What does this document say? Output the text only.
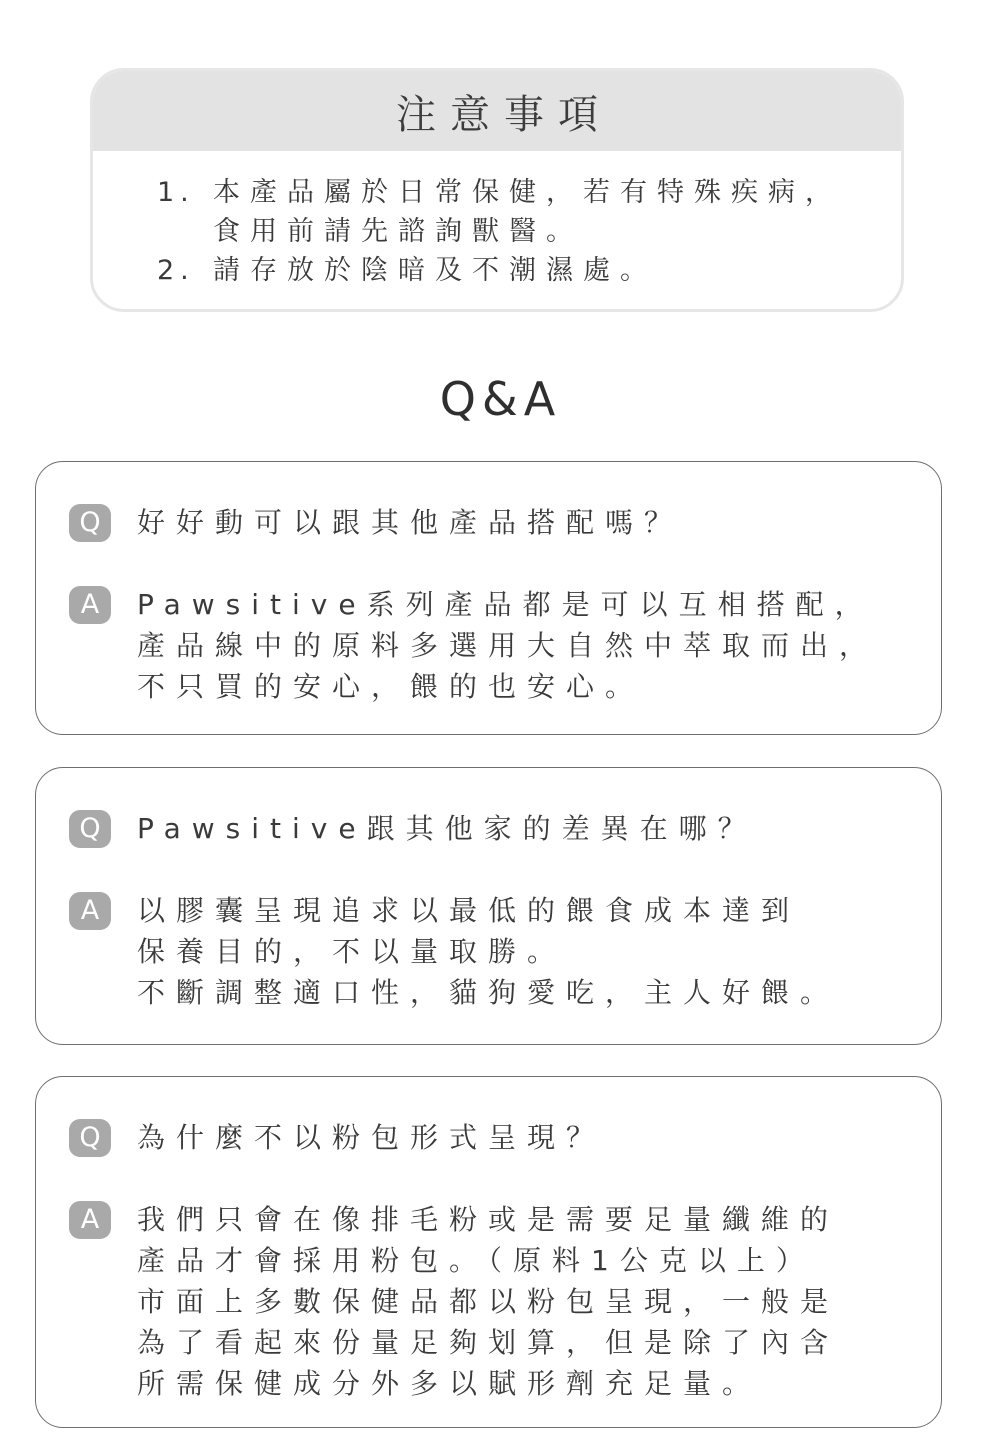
注意事項
1. 本產品屬於日常保健，若有特殊疾病，
食用前請先諮詢獸醫。
2. 請存放於陰暗及不潮濕處。
Q&A
Q	好好動可以跟其他產品搭配嗎？
A	Pawsitive系列產品都是可以互相搭配，
產品線中的原料多選用大自然中萃取而出，
不只買的安心，餵的也安心。
Q	Pawsitive跟其他家的差異在哪？
A	以膠囊呈現追求以最低的餵食成本達到
保養目的，不以量取勝。
不斷調整適口性，貓狗愛吃，主人好餵。
Q	為什麼不以粉包形式呈現？
A	我們只會在像排毛粉或是需要足量纖維的
產品才會採用粉包。（原料1公克以上）
市面上多數保健品都以粉包呈現，一般是
為了看起來份量足夠划算，但是除了內含
所需保健成分外多以賦形劑充足量。
